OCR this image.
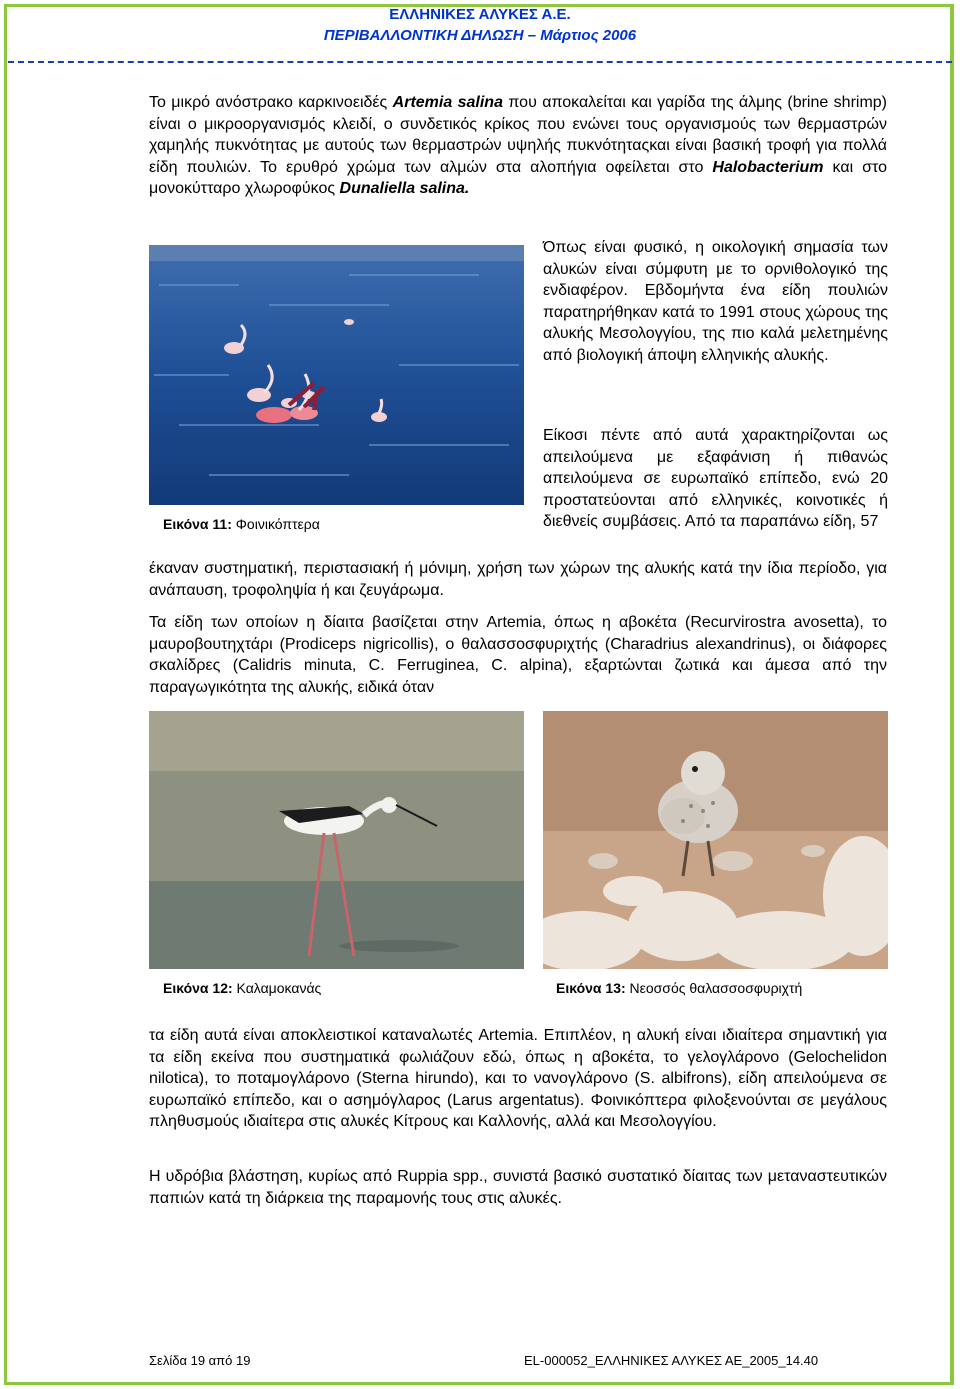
ΕΛΛΗΝΙΚΕΣ ΑΛΥΚΕΣ Α.Ε.
ΠΕΡΙΒΑΛΛΟΝΤΙΚΗ ΔΗΛΩΣΗ – Μάρτιος 2006

Το μικρό ανόστρακο καρκινοειδές Artemia salina που αποκαλείται και γαρίδα της άλμης (brine shrimp) είναι ο μικροοργανισμός κλειδί, ο συνδετικός κρίκος που ενώνει τους οργανισμούς των θερμαστρών χαμηλής πυκνότητας με αυτούς των θερμαστρών υψηλής πυκνότηταςκαι είναι βασική τροφή για πολλά είδη πουλιών. Το ερυθρό χρώμα των αλμών στα αλοπήγια οφείλεται στο Halobacterium και στο μονοκύτταρο χλωροφύκος Dunaliella salina.

Όπως είναι φυσικό, η οικολογική σημασία των αλυκών είναι σύμφυτη με το ορνιθολογικό της ενδιαφέρον. Εβδομήντα ένα είδη πουλιών παρατηρήθηκαν κατά το 1991 στους χώρους της αλυκής Μεσολογγίου, της πιο καλά μελετημένης από βιολογική άποψη ελληνικής αλυκής.

Είκοσι πέντε από αυτά χαρακτηρίζονται ως απειλούμενα με εξαφάνιση ή πιθανώς απειλούμενα σε ευρωπαϊκό επίπεδο, ενώ 20 προστατεύονται από ελληνικές, κοινοτικές ή διεθνείς συμβάσεις. Από τα παραπάνω είδη, 57

Εικόνα 11: Φοινικόπτερα

έκαναν συστηματική, περιστασιακή ή μόνιμη, χρήση των χώρων της αλυκής κατά την ίδια περίοδο, για ανάπαυση, τροφοληψία ή και ζευγάρωμα.

Τα είδη των οποίων η δίαιτα βασίζεται στην Artemia, όπως η αβοκέτα (Recurvirostra avosetta), το μαυροβουτηχτάρι (Prodiceps nigricollis), ο θαλασσοσφυριχτής (Charadrius alexandrinus), οι διάφορες σκαλίδρες (Calidris minuta, C. Ferruginea, C. alpina), εξαρτώνται ζωτικά και άμεσα από την παραγωγικότητα της αλυκής, ειδικά όταν

Εικόνα 12: Καλαμοκανάς	Εικόνα 13: Νεοσσός θαλασσοσφυριχτή

τα είδη αυτά είναι αποκλειστικοί καταναλωτές Artemia. Επιπλέον, η αλυκή είναι ιδιαίτερα σημαντική για τα είδη εκείνα που συστηματικά φωλιάζουν εδώ, όπως η αβοκέτα, το γελογλάρονο (Gelochelidon nilotica), το ποταμογλάρονο (Sterna hirundo), και το νανογλάρονο (S. albifrons), είδη απειλούμενα σε ευρωπαϊκό επίπεδο, και ο ασημόγλαρος (Larus argentatus). Φοινικόπτερα φιλοξενούνται σε μεγάλους πληθυσμούς ιδιαίτερα στις αλυκές Κίτρους και Καλλονής, αλλά και Μεσολογγίου.

Η υδρόβια βλάστηση, κυρίως από Ruppia spp., συνιστά βασικό συστατικό δίαιτας των μεταναστευτικών παπιών κατά τη διάρκεια της παραμονής τους στις αλυκές.

Σελίδα 19 από 19	EL-000052_ΕΛΛΗΝΙΚΕΣ ΑΛΥΚΕΣ ΑΕ_2005_14.40
